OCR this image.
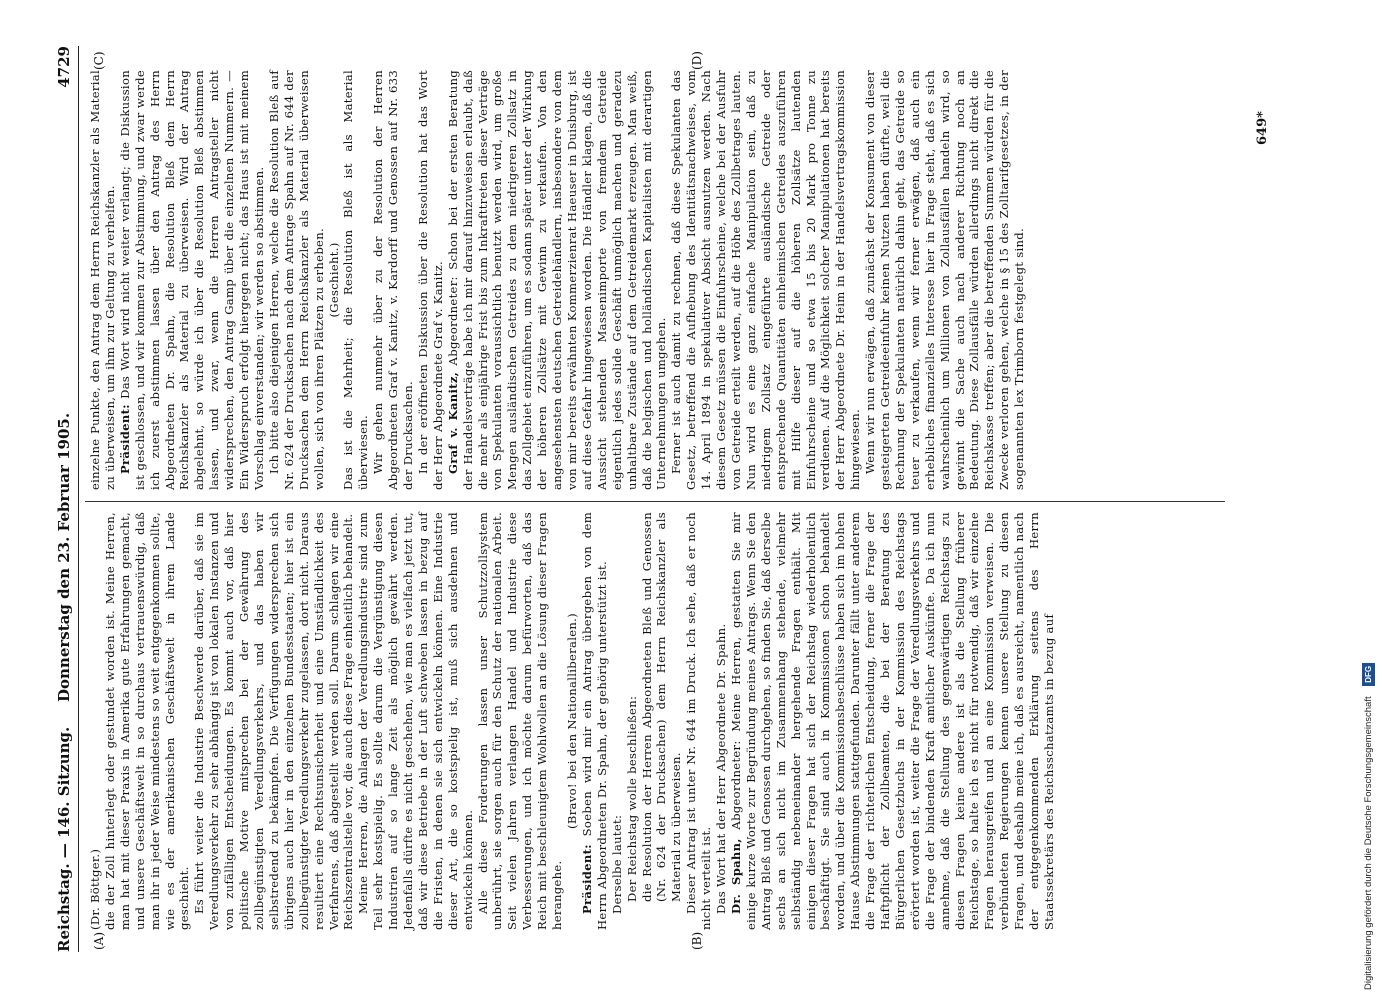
Reichstag. — 146. Sitzung.
Donnerstag den 23. Februar 1905.
4729
(A)	(B)
(C)	(D)

(Dr. Böttger.) die der Zoll hinterlegt oder gestundet worden ist. Meine Herren, man hat mit dieser Praxis in Amerika gute Erfahrungen gemacht, und unsere Geschäftswelt in so durchaus vertrauenswürdig, daß man ihr in jeder Weise mindestens so weit entgegenkommen sollte, wie es der amerikanischen Geschäftswelt in ihrem Lande geschieht. Es führt weiter die Industrie Beschwerde darüber, daß sie im Veredlungsverkehr zu sehr abhängig ist von lokalen Instanzen und von zufälligen Entscheidungen. Es kommt auch vor, daß hier politische Motive mitsprechen bei der Gewährung des zollbegünstigten Veredlungsverkehrs, und das haben wir selbstredend zu bekämpfen. Die Verfügungen widersprechen sich übrigens auch hier in den einzelnen Bundesstaaten; hier ist ein zollbegünstigter Veredlungsverkehr zugelassen, dort nicht. Daraus resultiert eine Rechtsunsicherheit und eine Umständlichkeit des Verfahrens, daß abgestellt werden soll. Darum schlagen wir eine Reichszentralstelle vor, die auch diese Frage einheitlich behandelt. Meine Herren, die Anlagen der Veredlungsindustrie sind zum Teil sehr kostspielig. Es sollte darum die Vergünstigung diesen Industrien auf so lange Zeit als möglich gewährt werden. Jedenfalls dürfte es nicht geschehen, wie man es vielfach jetzt tut, daß wir diese Betriebe in der Luft schweben lassen in bezug auf die Fristen, in denen sie sich entwickeln können. Eine Industrie dieser Art, die so kostspielig ist, muß sich ausdehnen und entwickeln können. Alle diese Forderungen lassen unser Schutzzollsystem unberührt, sie sorgen auch für den Schutz der nationalen Arbeit. Seit vielen Jahren verlangen Handel und Industrie diese Verbesserungen, und ich möchte darum befürworten, daß das Reich mit beschleunigtem Wohlwollen an die Lösung dieser Fragen herangehe.

(Bravo! bei den Nationalliberalen.)

Präsident: Soeben wird mir ein Antrag übergeben von dem Herrn Abgeordneten Dr. Spahn, der gehörig unterstützt ist. Derselbe lautet: Der Reichstag wolle beschließen: die Resolution der Herren Abgeordneten Bleß und Genossen (Nr. 624 der Drucksachen) dem Herrn Reichskanzler als Material zu überweisen. Dieser Antrag ist unter Nr. 644 im Druck. Ich sehe, daß er noch nicht verteilt ist. Das Wort hat der Herr Abgeordnete Dr. Spahn. Dr. Spahn, Abgeordneter: Meine Herren, gestatten Sie mir einige kurze Worte zur Begründung meines Antrags. Wenn Sie den Antrag Bleß und Genossen durchgehen, so finden Sie, daß derselbe sechs an sich nicht im Zusammenhang stehende, vielmehr selbständig nebeneinander hergehende Fragen enthält. Mit einigen dieser Fragen hat sich der Reichstag wiederholentlich beschäftigt. Sie sind auch in Kommissionen schon behandelt worden, und über die Kommissionsbeschlüsse haben sich im hohen Hause Abstimmungen stattgefunden. Darunter fällt unter anderem die Frage der richterlichen Entscheidung, ferner die Frage der Haftpflicht der Zollbeamten, die bei der Beratung des Bürgerlichen Gesetzbuchs in der Kommission des Reichstags erörtert worden ist, weiter die Frage der Veredlungsverkehrs und die Frage der bindenden Kraft amtlicher Auskünfte. Da ich nun annehme, daß die Stellung des gegenwärtigen Reichstags zu diesen Fragen keine andere ist als die Stellung früherer Reichstage, so halte ich es nicht für notwendig, daß wir einzelne Fragen herausgreifen und an eine Kommission verweisen. Die verbündeten Regierungen kennen unsere Stellung zu diesen Fragen, und deshalb meine ich, daß es ausreicht, namentlich nach der entgegenkommenden Erklärung seitens des Herrn Staatssekretärs des Reichsschatzamts in bezug auf

einzelne Punkte, den Antrag dem Herrn Reichskanzler als Material zu überweisen, um ihm zur Geltung zu verhelfen. Präsident: Das Wort wird nicht weiter verlangt; die Diskussion ist geschlossen, und wir kommen zur Abstimmung, und zwar werde ich zuerst abstimmen lassen über den Antrag des Herrn Abgeordneten Dr. Spahn, die Resolution Bleß dem Herrn Reichskanzler als Material zu überweisen. Wird der Antrag abgelehnt, so würde ich über die Resolution Bleß abstimmen lassen, und zwar, wenn die Herren Antragsteller nicht widersprechen, den Antrag Gamp über die einzelnen Nummern. — Ein Widerspruch erfolgt hiergegen nicht; das Haus ist mit meinem Vorschlag einverstanden; wir werden so abstimmen. Ich bitte also diejenigen Herren, welche die Resolution Bleß auf Nr. 624 der Drucksachen nach dem Antrage Spahn auf Nr. 644 der Drucksachen dem Herrn Reichskanzler als Material überweisen wollen, sich von ihren Plätzen zu erheben. (Geschieht.) Das ist die Mehrheit; die Resolution Bleß ist als Material überwiesen. Wir gehen nunmehr über zu der Resolution der Herren Abgeordneten Graf v. Kanitz, v. Kardorff und Genossen auf Nr. 633 der Drucksachen. In der eröffneten Diskussion über die Resolution hat das Wort der Herr Abgeordnete Graf v. Kanitz. Graf v. Kanitz, Abgeordneter: Schon bei der ersten Beratung der Handelsverträge habe ich mir darauf hinzuweisen erlaubt, daß die mehr als einjährige Frist bis zum Inkrafttreten dieser Verträge von Spekulanten voraussichtlich benutzt werden wird, um große Mengen ausländischen Getreides zu dem niedrigeren Zollsatz in das Zollgebiet einzuführen, um es sodann später unter der Wirkung der höheren Zollsätze mit Gewinn zu verkaufen. Von den angesehensten deutschen Getreidehändlern, insbesondere von dem von mir bereits erwähnten Kommerzienrat Haeuser in Duisburg, ist auf diese Gefahr hingewiesen worden. Die Händler klagen, daß die Aussicht stehenden Massenimporte von fremdem Getreide eigentlich jedes solide Geschäft unmöglich machen und geradezu unhaltbare Zustände auf dem Getreidemarkt erzeugen. Man weiß, daß die belgischen und holländischen Kapitalisten mit derartigen Unternehmungen umgehen. Ferner ist auch damit zu rechnen, daß diese Spekulanten das Gesetz, betreffend die Aufhebung des Identitätsnachweises, vom 14. April 1894 in spekulativer Absicht ausnutzen werden. Nach diesem Gesetz müssen die Einfuhrscheine, welche bei der Ausfuhr von Getreide erteilt werden, auf die Höhe des Zollbetrages lauten. Nun wird es eine ganz einfache Manipulation sein, daß zu niedrigem Zollsatz eingeführte ausländische Getreide oder entsprechende Quantitäten einheimischen Getreides auszuführen mit Hilfe dieser auf die höheren Zollsätze lautenden Einfuhrscheine und so etwa 15 bis 20 Mark pro Tonne zu verdienen. Auf die Möglichkeit solcher Manipulationen hat bereits der Herr Abgeordnete Dr. Heim in der Handelsvertragskommission hingewiesen. Wenn wir nun erwägen, daß zunächst der Konsument von dieser gesteigerten Getreideeinfuhr keinen Nutzen haben dürfte, weil die Rechnung der Spekulanten natürlich dahin geht, das Getreide so teuer zu verkaufen, wenn wir ferner erwägen, daß auch ein erhebliches finanzielles Interesse hier in Frage steht, daß es sich wahrscheinlich um Millionen von Zollausfällen handeln wird, so gewinnt die Sache auch nach anderer Richtung noch an Bedeutung. Diese Zollausfälle würden allerdings nicht direkt die Reichskasse treffen; aber die betreffenden Summen würden für die Zwecke verloren gehen, welche in § 15 des Zolltarifgesetzes, in der sogenannten lex Trimborn festgelegt sind.

649*
Digitalisierung gefördert durch die Deutsche Forschungsgemeinschaft DFG
